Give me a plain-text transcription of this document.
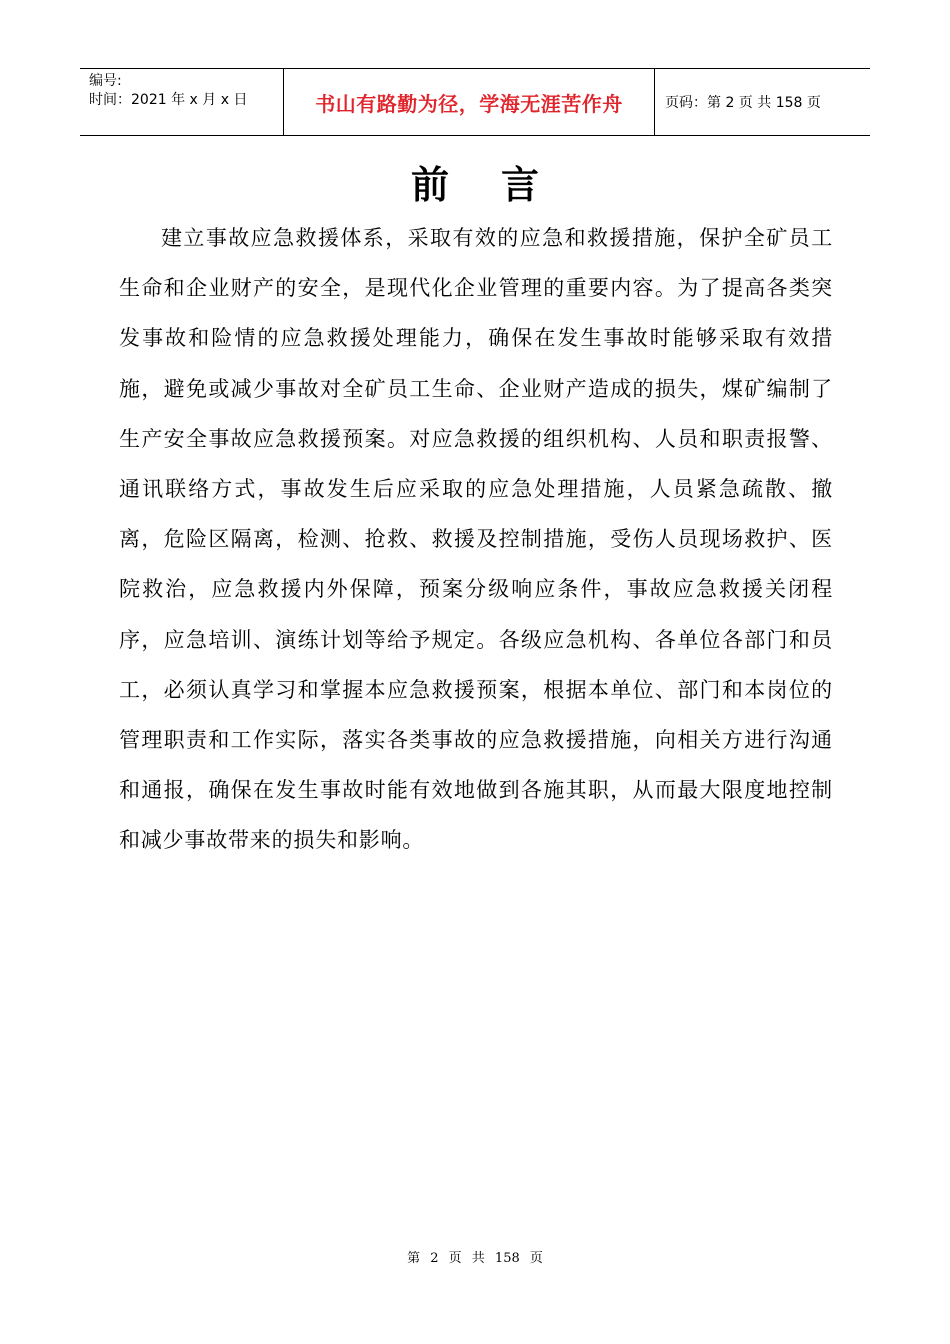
编号:
时间：2021 年 x 月 x 日	书山有路勤为径，学海无涯苦作舟	页码：第 2 页 共 158 页
前言

建立事故应急救援体系，采取有效的应急和救援措施，保护全矿员工生命和企业财产的安全，是现代化企业管理的重要内容。为了提高各类突发事故和险情的应急救援处理能力，确保在发生事故时能够采取有效措施，避免或减少事故对全矿员工生命、企业财产造成的损失，煤矿编制了生产安全事故应急救援预案。对应急救援的组织机构、人员和职责报警、通讯联络方式，事故发生后应采取的应急处理措施，人员紧急疏散、撤离，危险区隔离，检测、抢救、救援及控制措施，受伤人员现场救护、医院救治，应急救援内外保障，预案分级响应条件，事故应急救援关闭程序，应急培训、演练计划等给予规定。各级应急机构、各单位各部门和员工，必须认真学习和掌握本应急救援预案，根据本单位、部门和本岗位的管理职责和工作实际，落实各类事故的应急救援措施，向相关方进行沟通和通报，确保在发生事故时能有效地做到各施其职，从而最大限度地控制和减少事故带来的损失和影响。

第 2 页 共 158 页
